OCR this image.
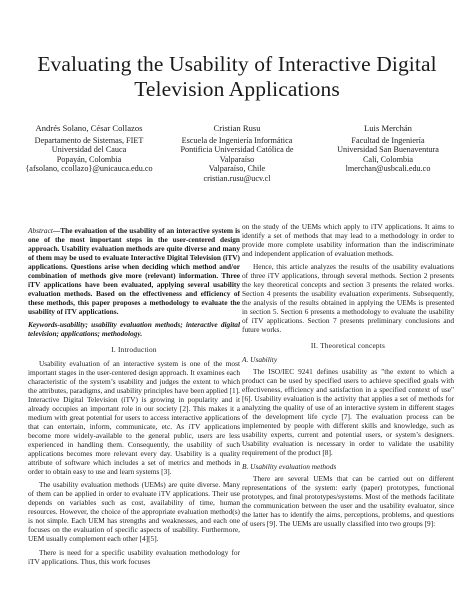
Evaluating the Usability of Interactive Digital Television Applications
Andrés Solano, César Collazos
Departamento de Sistemas, FIET
Universidad del Cauca
Popayán, Colombia
{afsolano, ccollazo}@unicauca.edu.co
Cristian Rusu
Escuela de Ingeniería Informática
Pontificia Universidad Católica de
Valparaíso
Valparaíso, Chile
cristian.rusu@ucv.cl
Luis Merchán
Facultad de Ingeniería
Universidad San Buenaventura
Cali, Colombia
lmerchan@usbcali.edu.co

Abstract—The evaluation of the usability of an interactive system is one of the most important steps in the user-centered design approach. Usability evaluation methods are quite diverse and many of them may be used to evaluate Interactive Digital Television (iTV) applications. Questions arise when deciding which method and/or combination of methods give more (relevant) information. Three iTV applications have been evaluated, applying several usability evaluation methods. Based on the effectiveness and efficiency of these methods, this paper proposes a methodology to evaluate the usability of iTV applications.

Keywords-usability; usability evaluation methods; interactive digital television; applications; methodology.

I. Introduction

Usability evaluation of an interactive system is one of the most important stages in the user-centered design approach. It examines each characteristic of the system’s usability and judges the extent to which the attributes, paradigms, and usability principles have been applied [1]. Interactive Digital Television (iTV) is growing in popularity and it already occupies an important role in our society [2]. This makes it a medium with great potential for users to access interactive applications that can entertain, inform, communicate, etc. As iTV applications become more widely-available to the general public, users are less experienced in handling them. Consequently, the usability of such applications becomes more relevant every day. Usability is a quality attribute of software which includes a set of metrics and methods in order to obtain easy to use and learn systems [3].

The usability evaluation methods (UEMs) are quite diverse. Many of them can be applied in order to evaluate iTV applications. Their use depends on variables such as cost, availability of time, human resources. However, the choice of the appropriate evaluation method(s) is not simple. Each UEM has strengths and weaknesses, and each one focuses on the evaluation of specific aspects of usability. Furthermore, UEM usually complement each other [4][5].

There is need for a specific usability evaluation methodology for iTV applications. Thus, this work focuses

on the study of the UEMs which apply to iTV applications. It aims to identify a set of methods that may lead to a methodology in order to provide more complete usability information than the indiscriminate and independent application of evaluation methods.

Hence, this article analyzes the results of the usability evaluations of three iTV applications, through several methods. Section 2 presents the key theoretical concepts and section 3 presents the related works. Section 4 presents the usability evaluation experiments. Subsequently, the analysis of the results obtained in applying the UEMs is presented in section 5. Section 6 presents a methodology to evaluate the usability of iTV applications. Section 7 presents preliminary conclusions and future works.

II. Theoretical concepts

A. Usability

The ISO/IEC 9241 defines usability as "the extent to which a product can be used by specified users to achieve specified goals with effectiveness, efficiency and satisfaction in a specified context of use" [6]. Usability evaluation is the activity that applies a set of methods for analyzing the quality of use of an interactive system in different stages of the development life cycle [7]. The evaluation process can be implemented by people with different skills and knowledge, such as usability experts, current and potential users, or system’s designers. Usability evaluation is necessary in order to validate the usability requirement of the product [8].

B. Usability evaluation methods

There are several UEMs that can be carried out on different representations of the system: early (paper) prototypes, functional prototypes, and final prototypes/systems. Most of the methods facilitate the communication between the user and the usability evaluator, since the latter has to identify the aims, perceptions, problems, and questions of users [9]. The UEMs are usually classified into two groups [9]:
